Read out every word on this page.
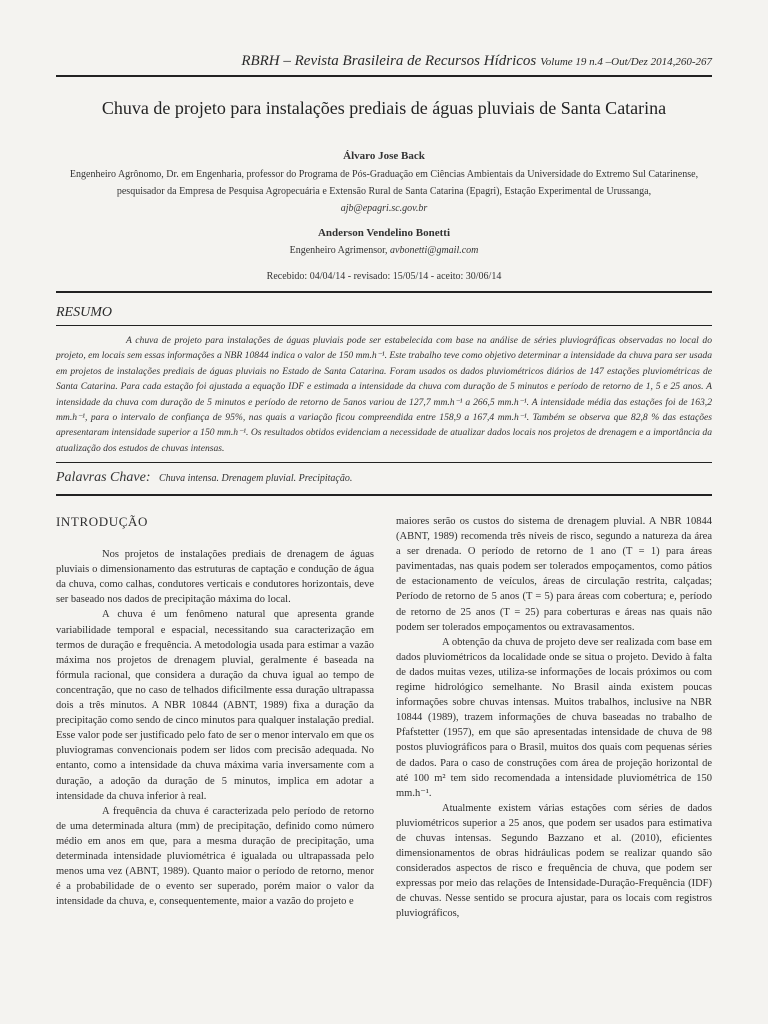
RBRH – Revista Brasileira de Recursos Hídricos Volume 19 n.4 –Out/Dez 2014,260-267
Chuva de projeto para instalações prediais de águas pluviais de Santa Catarina
Álvaro Jose Back
Engenheiro Agrônomo, Dr. em Engenharia, professor do Programa de Pós-Graduação em Ciências Ambientais da Universidade do Extremo Sul Catarinense, pesquisador da Empresa de Pesquisa Agropecuária e Extensão Rural de Santa Catarina (Epagri), Estação Experimental de Urussanga,
ajb@epagri.sc.gov.br
Anderson Vendelino Bonetti
Engenheiro Agrimensor, avbonetti@gmail.com
Recebido: 04/04/14 - revisado: 15/05/14 - aceito: 30/06/14
RESUMO
A chuva de projeto para instalações de águas pluviais pode ser estabelecida com base na análise de séries pluviográficas observadas no local do projeto, em locais sem essas informações a NBR 10844 indica o valor de 150 mm.h⁻¹. Este trabalho teve como objetivo determinar a intensidade da chuva para ser usada em projetos de instalações prediais de águas pluviais no Estado de Santa Catarina. Foram usados os dados pluviométricos diários de 147 estações pluviométricas de Santa Catarina. Para cada estação foi ajustada a equação IDF e estimada a intensidade da chuva com duração de 5 minutos e período de retorno de 1, 5 e 25 anos. A intensidade da chuva com duração de 5 minutos e período de retorno de 5anos variou de 127,7 mm.h⁻¹ a 266,5 mm.h⁻¹. A intensidade média das estações foi de 163,2 mm.h⁻¹, para o intervalo de confiança de 95%, nas quais a variação ficou compreendida entre 158,9 a 167,4 mm.h⁻¹. Também se observa que 82,8 % das estações apresentaram intensidade superior a 150 mm.h⁻¹. Os resultados obtidos evidenciam a necessidade de atualizar dados locais nos projetos de drenagem e a importância da atualização dos estudos de chuvas intensas.
Palavras Chave: Chuva intensa. Drenagem pluvial. Precipitação.
INTRODUÇÃO

Nos projetos de instalações prediais de drenagem de águas pluviais o dimensionamento das estruturas de captação e condução de água da chuva, como calhas, condutores verticais e condutores horizontais, deve ser baseado nos dados de precipitação máxima do local.

A chuva é um fenômeno natural que apresenta grande variabilidade temporal e espacial, necessitando sua caracterização em termos de duração e frequência. A metodologia usada para estimar a vazão máxima nos projetos de drenagem pluvial, geralmente é baseada na fórmula racional, que considera a duração da chuva igual ao tempo de concentração, que no caso de telhados dificilmente essa duração ultrapassa dois a três minutos. A NBR 10844 (ABNT, 1989) fixa a duração da precipitação como sendo de cinco minutos para qualquer instalação predial. Esse valor pode ser justificado pelo fato de ser o menor intervalo em que os pluviogramas convencionais podem ser lidos com precisão adequada. No entanto, como a intensidade da chuva máxima varia inversamente com a duração, a adoção da duração de 5 minutos, implica em adotar a intensidade da chuva inferior à real.

A frequência da chuva é caracterizada pelo período de retorno de uma determinada altura (mm) de precipitação, definido como número médio em anos em que, para a mesma duração de precipitação, uma determinada intensidade pluviométrica é igualada ou ultrapassada pelo menos uma vez (ABNT, 1989). Quanto maior o período de retorno, menor é a probabilidade de o evento ser superado, porém maior o valor da intensidade da chuva, e, consequentemente, maior a vazão do projeto e

maiores serão os custos do sistema de drenagem pluvial. A NBR 10844 (ABNT, 1989) recomenda três níveis de risco, segundo a natureza da área a ser drenada. O período de retorno de 1 ano (T = 1) para áreas pavimentadas, nas quais podem ser tolerados empoçamentos, como pátios de estacionamento de veículos, áreas de circulação restrita, calçadas; Período de retorno de 5 anos (T = 5) para áreas com cobertura; e, período de retorno de 25 anos (T = 25) para coberturas e áreas nas quais não podem ser tolerados empoçamentos ou extravasamentos.

A obtenção da chuva de projeto deve ser realizada com base em dados pluviométricos da localidade onde se situa o projeto. Devido à falta de dados muitas vezes, utiliza-se informações de locais próximos ou com regime hidrológico semelhante. No Brasil ainda existem poucas informações sobre chuvas intensas. Muitos trabalhos, inclusive na NBR 10844 (1989), trazem informações de chuva baseadas no trabalho de Pfafstetter (1957), em que são apresentadas intensidade de chuva de 98 postos pluviográficos para o Brasil, muitos dos quais com pequenas séries de dados. Para o caso de construções com área de projeção horizontal de até 100 m² tem sido recomendada a intensidade pluviométrica de 150 mm.h⁻¹.

Atualmente existem várias estações com séries de dados pluviométricos superior a 25 anos, que podem ser usados para estimativa de chuvas intensas. Segundo Bazzano et al. (2010), eficientes dimensionamentos de obras hidráulicas podem se realizar quando são considerados aspectos de risco e frequência de chuva, que podem ser expressas por meio das relações de Intensidade-Duração-Frequência (IDF) de chuvas. Nesse sentido se procura ajustar, para os locais com registros pluviográficos,
